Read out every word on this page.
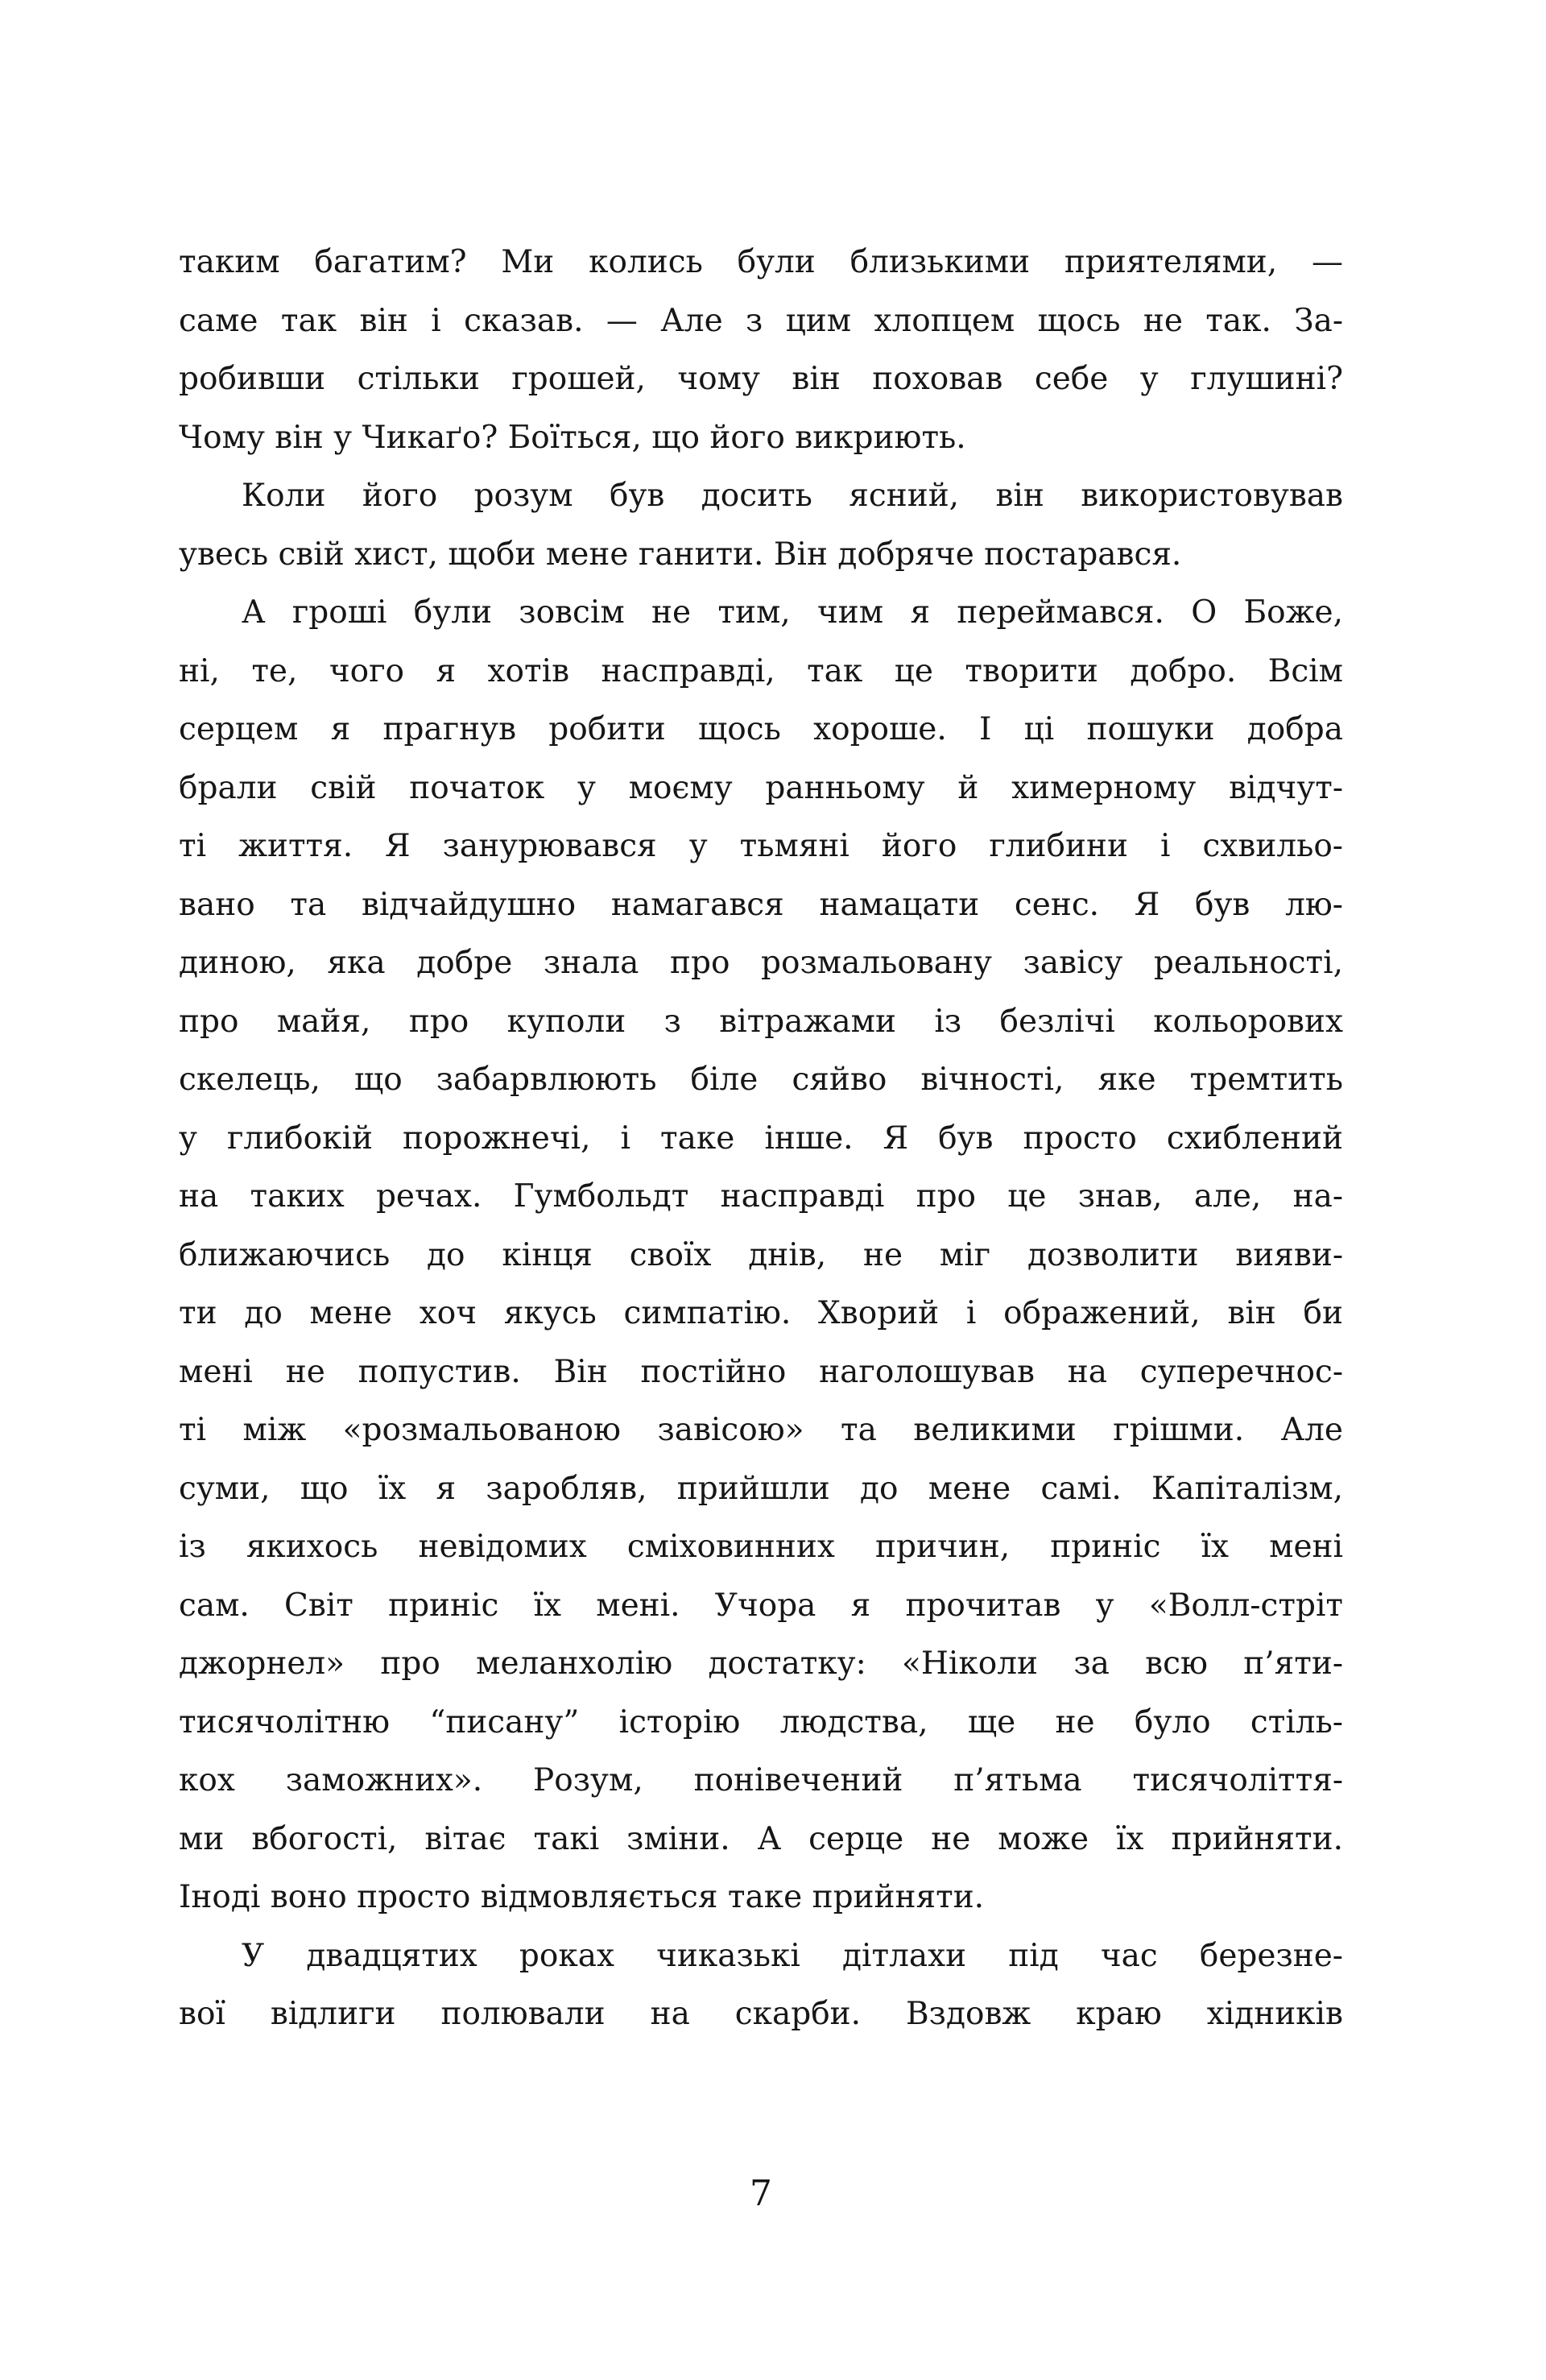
таким багатим? Ми колись були близькими приятелями, —
саме так він і сказав. — Але з цим хлопцем щось не так. За-
робивши стільки грошей, чому він поховав себе у глушині?
Чому він у Чикаґо? Боїться, що його викриють.
Коли його розум був досить ясний, він використовував
увесь свій хист, щоби мене ганити. Він добряче постарався.
А гроші були зовсім не тим, чим я переймався. О Боже,
ні, те, чого я хотів насправді, так це творити добро. Всім
серцем я прагнув робити щось хороше. І ці пошуки добра
брали свій початок у моєму ранньому й химерному відчут-
ті життя. Я занурювався у тьмяні його глибини і схвильо-
вано та відчайдушно намагався намацати сенс. Я був лю-
диною, яка добре знала про розмальовану завісу реальності,
про майя, про куполи з вітражами із безлічі кольорових
скелець, що забарвлюють біле сяйво вічності, яке тремтить
у глибокій порожнечі, і таке інше. Я був просто схиблений
на таких речах. Гумбольдт насправді про це знав, але, на-
ближаючись до кінця своїх днів, не міг дозволити вияви-
ти до мене хоч якусь симпатію. Хворий і ображений, він би
мені не попустив. Він постійно наголошував на суперечнос-
ті між «розмальованою завісою» та великими грішми. Але
суми, що їх я заробляв, прийшли до мене самі. Капіталізм,
із якихось невідомих сміховинних причин, приніс їх мені
сам. Світ приніс їх мені. Учора я прочитав у «Волл-стріт
джорнел» про меланхолію достатку: «Ніколи за всю п’яти-
тисячолітню “писану” історію людства, ще не було стіль-
кох заможних». Розум, понівечений п’ятьма тисячоліття-
ми вбогості, вітає такі зміни. А серце не може їх прийняти.
Іноді воно просто відмовляється таке прийняти.
У двадцятих роках чиказькі дітлахи під час березне-
вої відлиги полювали на скарби. Вздовж краю хідників
7
